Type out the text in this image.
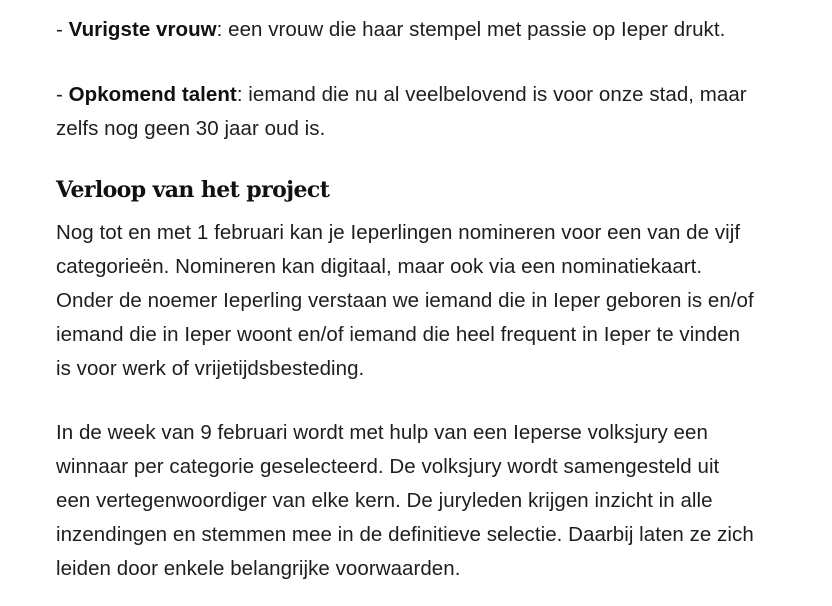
- Vurigste vrouw: een vrouw die haar stempel met passie op Ieper drukt.

- Opkomend talent: iemand die nu al veelbelovend is voor onze stad, maar
zelfs nog geen 30 jaar oud is.

Verloop van het project

Nog tot en met 1 februari kan je Ieperlingen nomineren voor een van de vijf
categorieën. Nomineren kan digitaal, maar ook via een nominatiekaart.
Onder de noemer Ieperling verstaan we iemand die in Ieper geboren is en/of
iemand die in Ieper woont en/of iemand die heel frequent in Ieper te vinden
is voor werk of vrijetijdsbesteding.

In de week van 9 februari wordt met hulp van een Ieperse volksjury een
winnaar per categorie geselecteerd. De volksjury wordt samengesteld uit
een vertegenwoordiger van elke kern. De juryleden krijgen inzicht in alle
inzendingen en stemmen mee in de definitieve selectie. Daarbij laten ze zich
leiden door enkele belangrijke voorwaarden.
